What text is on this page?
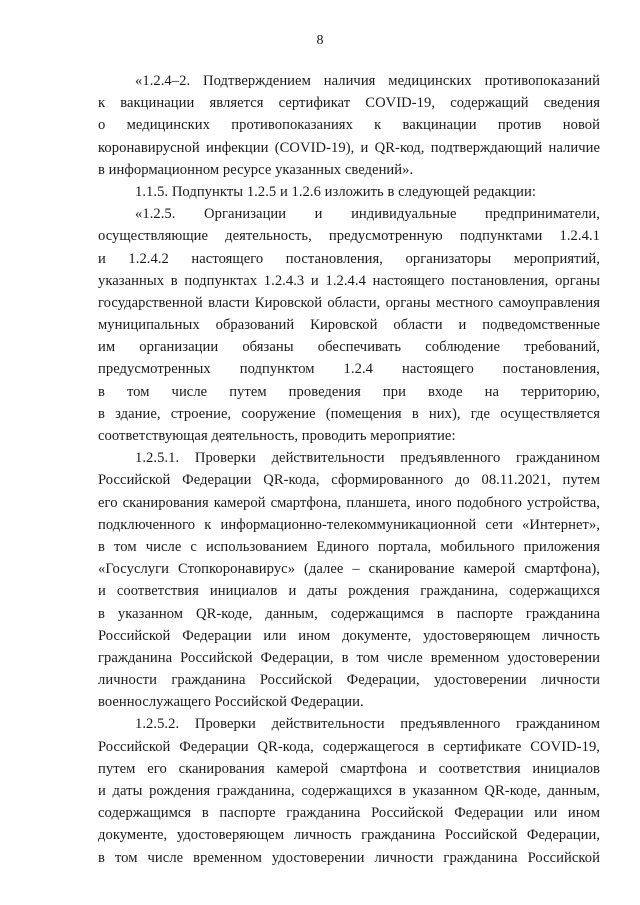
8
«1.2.4–2. Подтверждением наличия медицинских противопоказаний
к вакцинации является сертификат COVID-19, содержащий сведения
о медицинских противопоказаниях к вакцинации против новой
коронавирусной инфекции (COVID-19), и QR-код, подтверждающий наличие
в информационном ресурсе указанных сведений».
1.1.5. Подпункты 1.2.5 и 1.2.6 изложить в следующей редакции:
«1.2.5. Организации и индивидуальные предприниматели,
осуществляющие деятельность, предусмотренную подпунктами 1.2.4.1
и 1.2.4.2 настоящего постановления, организаторы мероприятий,
указанных в подпунктах 1.2.4.3 и 1.2.4.4 настоящего постановления, органы
государственной власти Кировской области, органы местного самоуправления
муниципальных образований Кировской области и подведомственные
им организации обязаны обеспечивать соблюдение требований,
предусмотренных подпунктом 1.2.4 настоящего постановления,
в том числе путем проведения при входе на территорию,
в здание, строение, сооружение (помещения в них), где осуществляется
соответствующая деятельность, проводить мероприятие:
1.2.5.1. Проверки действительности предъявленного гражданином
Российской Федерации QR-кода, сформированного до 08.11.2021, путем
его сканирования камерой смартфона, планшета, иного подобного устройства,
подключенного к информационно-телекоммуникационной сети «Интернет»,
в том числе с использованием Единого портала, мобильного приложения
«Госуслуги Стопкоронавирус» (далее – сканирование камерой смартфона),
и соответствия инициалов и даты рождения гражданина, содержащихся
в указанном QR-коде, данным, содержащимся в паспорте гражданина
Российской Федерации или ином документе, удостоверяющем личность
гражданина Российской Федерации, в том числе временном удостоверении
личности гражданина Российской Федерации, удостоверении личности
военнослужащего Российской Федерации.
1.2.5.2. Проверки действительности предъявленного гражданином
Российской Федерации QR-кода, содержащегося в сертификате COVID-19,
путем его сканирования камерой смартфона и соответствия инициалов
и даты рождения гражданина, содержащихся в указанном QR-коде, данным,
содержащимся в паспорте гражданина Российской Федерации или ином
документе, удостоверяющем личность гражданина Российской Федерации,
в том числе временном удостоверении личности гражданина Российской
